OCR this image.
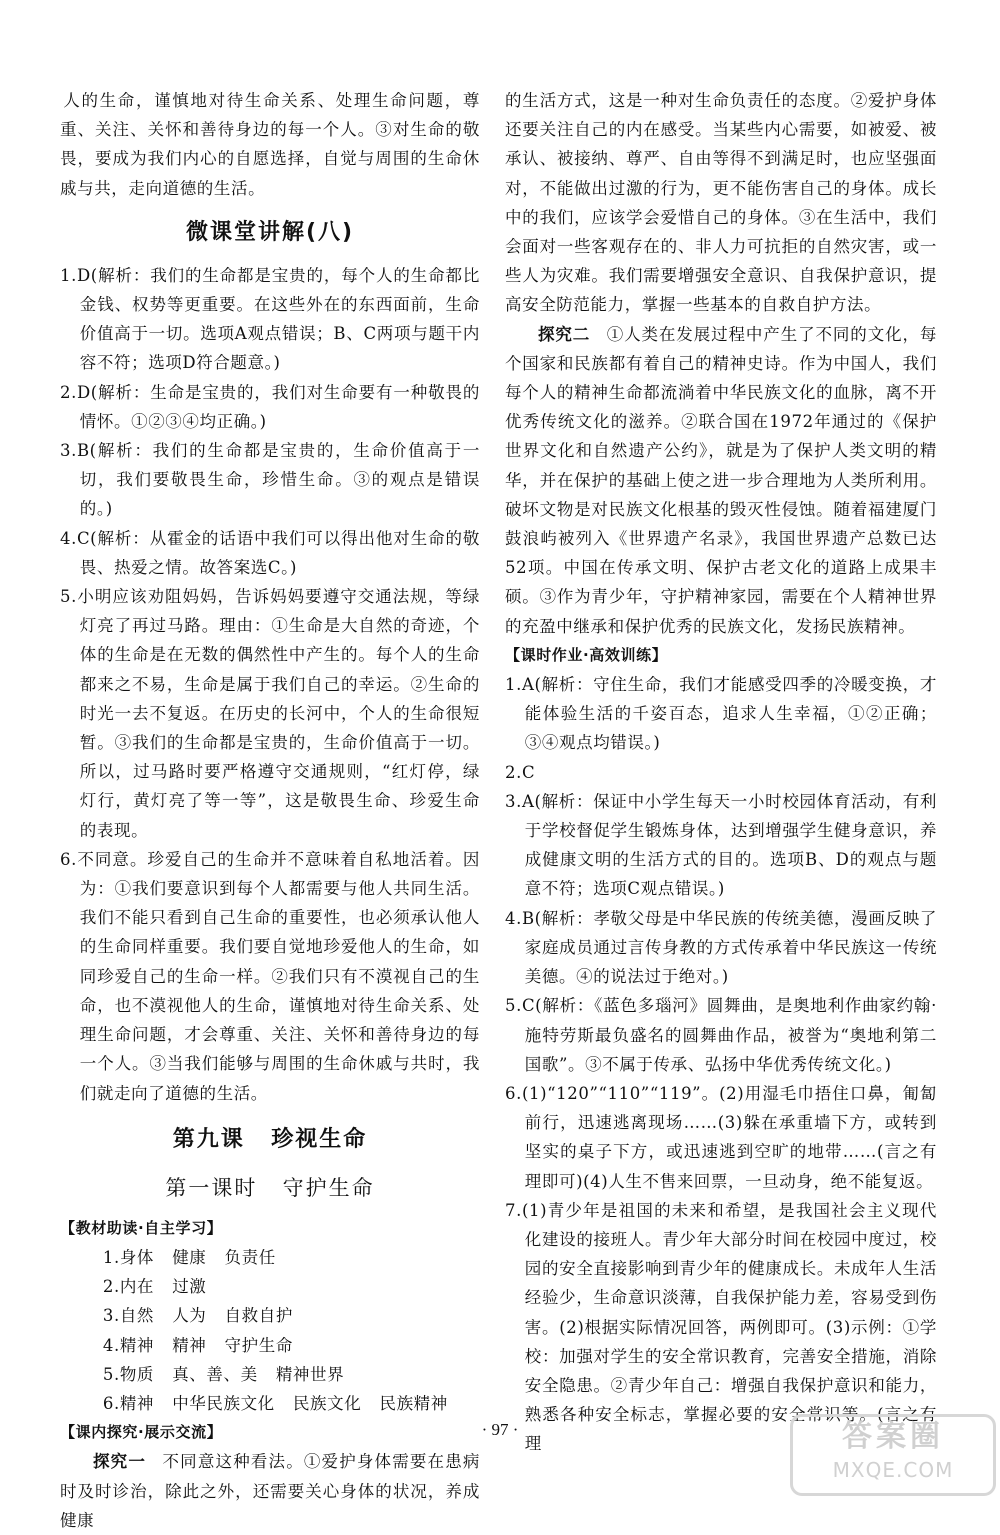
人的生命，谨慎地对待生命关系、处理生命问题，尊重、关注、关怀和善待身边的每一个人。③对生命的敬畏，要成为我们内心的自愿选择，自觉与周围的生命休戚与共，走向道德的生活。

微课堂讲解(八)

1.D(解析：我们的生命都是宝贵的，每个人的生命都比金钱、权势等更重要。在这些外在的东西面前，生命价值高于一切。选项A观点错误；B、C两项与题干内容不符；选项D符合题意。)

2.D(解析：生命是宝贵的，我们对生命要有一种敬畏的情怀。①②③④均正确。)

3.B(解析：我们的生命都是宝贵的，生命价值高于一切，我们要敬畏生命，珍惜生命。③的观点是错误的。)

4.C(解析：从霍金的话语中我们可以得出他对生命的敬畏、热爱之情。故答案选C。)

5.小明应该劝阻妈妈，告诉妈妈要遵守交通法规，等绿灯亮了再过马路。理由：①生命是大自然的奇迹，个体的生命是在无数的偶然性中产生的。每个人的生命都来之不易，生命是属于我们自己的幸运。②生命的时光一去不复返。在历史的长河中，个人的生命很短暂。③我们的生命都是宝贵的，生命价值高于一切。所以，过马路时要严格遵守交通规则，“红灯停，绿灯行，黄灯亮了等一等”，这是敬畏生命、珍爱生命的表现。

6.不同意。珍爱自己的生命并不意味着自私地活着。因为：①我们要意识到每个人都需要与他人共同生活。我们不能只看到自己生命的重要性，也必须承认他人的生命同样重要。我们要自觉地珍爱他人的生命，如同珍爱自己的生命一样。②我们只有不漠视自己的生命，也不漠视他人的生命，谨慎地对待生命关系、处理生命问题，才会尊重、关注、关怀和善待身边的每一个人。③当我们能够与周围的生命休戚与共时，我们就走向了道德的生活。

第九课 珍视生命
第一课时 守护生命

【教材助读·自主学习】

1.身体 健康 负责任

2.内在 过激

3.自然 人为 自救自护

4.精神 精神 守护生命

5.物质 真、善、美 精神世界

6.精神 中华民族文化 民族文化 民族精神

【课内探究·展示交流】

探究一 不同意这种看法。①爱护身体需要在患病时及时诊治，除此之外，还需要关心身体的状况，养成健康

的生活方式，这是一种对生命负责任的态度。②爱护身体还要关注自己的内在感受。当某些内心需要，如被爱、被承认、被接纳、尊严、自由等得不到满足时，也应坚强面对，不能做出过激的行为，更不能伤害自己的身体。成长中的我们，应该学会爱惜自己的身体。③在生活中，我们会面对一些客观存在的、非人力可抗拒的自然灾害，或一些人为灾难。我们需要增强安全意识、自我保护意识，提高安全防范能力，掌握一些基本的自救自护方法。

探究二 ①人类在发展过程中产生了不同的文化，每个国家和民族都有着自己的精神史诗。作为中国人，我们每个人的精神生命都流淌着中华民族文化的血脉，离不开优秀传统文化的滋养。②联合国在1972年通过的《保护世界文化和自然遗产公约》，就是为了保护人类文明的精华，并在保护的基础上使之进一步合理地为人类所利用。破坏文物是对民族文化根基的毁灭性侵蚀。随着福建厦门鼓浪屿被列入《世界遗产名录》，我国世界遗产总数已达52项。中国在传承文明、保护古老文化的道路上成果丰硕。③作为青少年，守护精神家园，需要在个人精神世界的充盈中继承和保护优秀的民族文化，发扬民族精神。

【课时作业·高效训练】

1.A(解析：守住生命，我们才能感受四季的冷暖变换，才能体验生活的千姿百态，追求人生幸福，①②正确；③④观点均错误。)

2.C

3.A(解析：保证中小学生每天一小时校园体育活动，有利于学校督促学生锻炼身体，达到增强学生健身意识，养成健康文明的生活方式的目的。选项B、D的观点与题意不符；选项C观点错误。)

4.B(解析：孝敬父母是中华民族的传统美德，漫画反映了家庭成员通过言传身教的方式传承着中华民族这一传统美德。④的说法过于绝对。)

5.C(解析：《蓝色多瑙河》圆舞曲，是奥地利作曲家约翰·施特劳斯最负盛名的圆舞曲作品，被誉为“奥地利第二国歌”。③不属于传承、弘扬中华优秀传统文化。)

6.(1)“120”“110”“119”。(2)用湿毛巾捂住口鼻，匍匐前行，迅速逃离现场……(3)躲在承重墙下方，或转到坚实的桌子下方，或迅速逃到空旷的地带……(言之有理即可)(4)人生不售来回票，一旦动身，绝不能复返。

7.(1)青少年是祖国的未来和希望，是我国社会主义现代化建设的接班人。青少年大部分时间在校园中度过，校园的安全直接影响到青少年的健康成长。未成年人生活经验少，生命意识淡薄，自我保护能力差，容易受到伤害。(2)根据实际情况回答，两例即可。(3)示例：①学校：加强对学生的安全常识教育，完善安全措施，消除安全隐患。②青少年自己：增强自我保护意识和能力，熟悉各种安全标志，掌握必要的安全常识等。(言之有理

· 97 ·	答案圈
MXQE.COM
